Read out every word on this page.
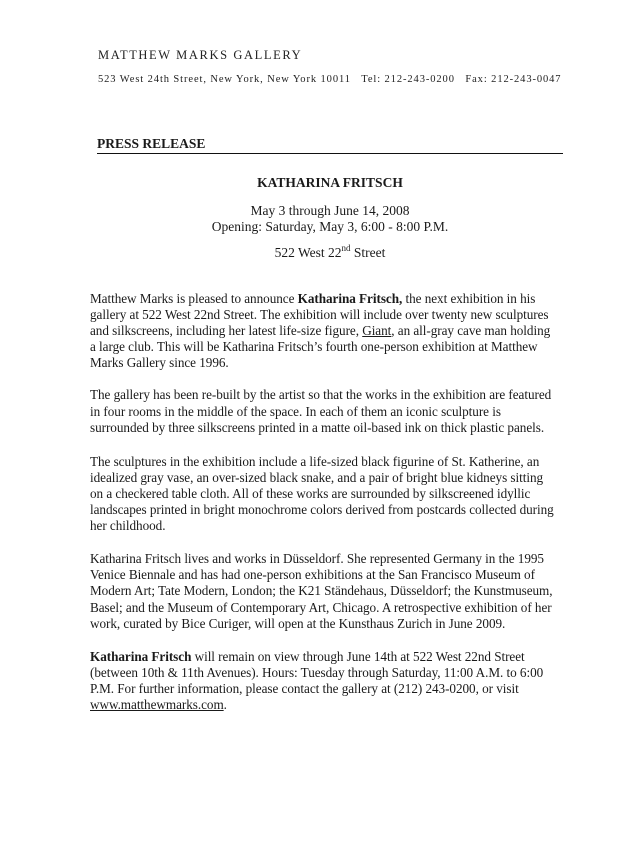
MATTHEW MARKS GALLERY
523 West 24th Street, New York, New York 10011 Tel: 212-243-0200 Fax: 212-243-0047
PRESS RELEASE
KATHARINA FRITSCH
May 3 through June 14, 2008
Opening: Saturday, May 3, 6:00 - 8:00 P.M.
522 West 22nd Street

Matthew Marks is pleased to announce Katharina Fritsch, the next exhibition in his gallery at 522 West 22nd Street. The exhibition will include over twenty new sculptures and silkscreens, including her latest life-size figure, Giant, an all-gray cave man holding a large club. This will be Katharina Fritsch’s fourth one-person exhibition at Matthew Marks Gallery since 1996.

The gallery has been re-built by the artist so that the works in the exhibition are featured in four rooms in the middle of the space. In each of them an iconic sculpture is surrounded by three silkscreens printed in a matte oil-based ink on thick plastic panels.

The sculptures in the exhibition include a life-sized black figurine of St. Katherine, an idealized gray vase, an over-sized black snake, and a pair of bright blue kidneys sitting on a checkered table cloth. All of these works are surrounded by silkscreened idyllic landscapes printed in bright monochrome colors derived from postcards collected during her childhood.

Katharina Fritsch lives and works in Düsseldorf. She represented Germany in the 1995 Venice Biennale and has had one-person exhibitions at the San Francisco Museum of Modern Art; Tate Modern, London; the K21 Ständehaus, Düsseldorf; the Kunstmuseum, Basel; and the Museum of Contemporary Art, Chicago. A retrospective exhibition of her work, curated by Bice Curiger, will open at the Kunsthaus Zurich in June 2009.

Katharina Fritsch will remain on view through June 14th at 522 West 22nd Street (between 10th & 11th Avenues). Hours: Tuesday through Saturday, 11:00 A.M. to 6:00 P.M. For further information, please contact the gallery at (212) 243-0200, or visit www.matthewmarks.com.
